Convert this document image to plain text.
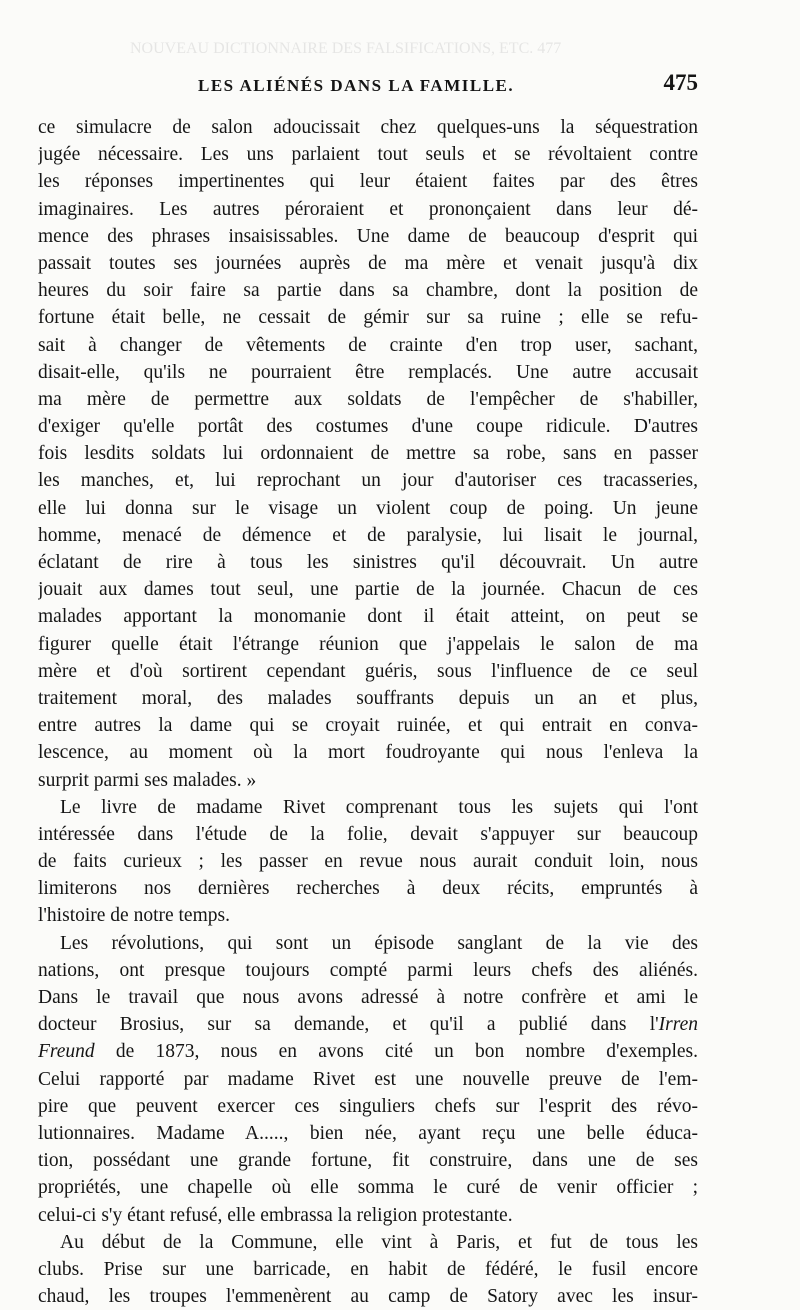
NOUVEAU DICTIONNAIRE DES FALSIFICATIONS, ETC. 477
LES ALIÉNÉS DANS LA FAMILLE.	475
ce simulacre de salon adoucissait chez quelques-uns la séquestration
jugée nécessaire. Les uns parlaient tout seuls et se révoltaient contre
les réponses impertinentes qui leur étaient faites par des êtres
imaginaires. Les autres péroraient et prononçaient dans leur dé-
mence des phrases insaisissables. Une dame de beaucoup d'esprit qui
passait toutes ses journées auprès de ma mère et venait jusqu'à dix
heures du soir faire sa partie dans sa chambre, dont la position de
fortune était belle, ne cessait de gémir sur sa ruine ; elle se refu-
sait à changer de vêtements de crainte d'en trop user, sachant,
disait-elle, qu'ils ne pourraient être remplacés. Une autre accusait
ma mère de permettre aux soldats de l'empêcher de s'habiller,
d'exiger qu'elle portât des costumes d'une coupe ridicule. D'autres
fois lesdits soldats lui ordonnaient de mettre sa robe, sans en passer
les manches, et, lui reprochant un jour d'autoriser ces tracasseries,
elle lui donna sur le visage un violent coup de poing. Un jeune
homme, menacé de démence et de paralysie, lui lisait le journal,
éclatant de rire à tous les sinistres qu'il découvrait. Un autre
jouait aux dames tout seul, une partie de la journée. Chacun de ces
malades apportant la monomanie dont il était atteint, on peut se
figurer quelle était l'étrange réunion que j'appelais le salon de ma
mère et d'où sortirent cependant guéris, sous l'influence de ce seul
traitement moral, des malades souffrants depuis un an et plus,
entre autres la dame qui se croyait ruinée, et qui entrait en conva-
lescence, au moment où la mort foudroyante qui nous l'enleva la
surprit parmi ses malades. »
Le livre de madame Rivet comprenant tous les sujets qui l'ont
intéressée dans l'étude de la folie, devait s'appuyer sur beaucoup
de faits curieux ; les passer en revue nous aurait conduit loin, nous
limiterons nos dernières recherches à deux récits, empruntés à
l'histoire de notre temps.
Les révolutions, qui sont un épisode sanglant de la vie des
nations, ont presque toujours compté parmi leurs chefs des aliénés.
Dans le travail que nous avons adressé à notre confrère et ami le
docteur Brosius, sur sa demande, et qu'il a publié dans l'Irren
Freund de 1873, nous en avons cité un bon nombre d'exemples.
Celui rapporté par madame Rivet est une nouvelle preuve de l'em-
pire que peuvent exercer ces singuliers chefs sur l'esprit des révo-
lutionnaires. Madame A....., bien née, ayant reçu une belle éduca-
tion, possédant une grande fortune, fit construire, dans une de ses
propriétés, une chapelle où elle somma le curé de venir officier ;
celui-ci s'y étant refusé, elle embrassa la religion protestante.
Au début de la Commune, elle vint à Paris, et fut de tous les
clubs. Prise sur une barricade, en habit de fédéré, le fusil encore
chaud, les troupes l'emmenèrent au camp de Satory avec les insur-
